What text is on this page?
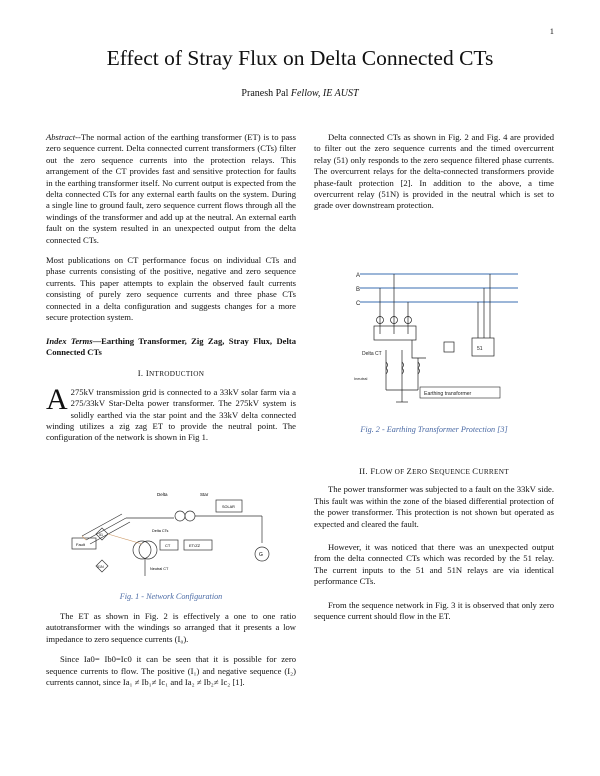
1
Effect of Stray Flux on Delta Connected CTs
Pranesh Pal Fellow, IE AUST

Abstract--The normal action of the earthing transformer (ET) is to pass zero sequence current. Delta connected current transformers (CTs) filter out the zero sequence currents into the protection relays. This arrangement of the CT provides fast and sensitive protection for faults in the earthing transformer itself. No current output is expected from the delta connected CTs for any external earth faults on the system. During a single line to ground fault, zero sequence current flows through all the windings of the transformer and add up at the neutral. An external earth fault on the system resulted in an unexpected output from the delta connected CTs.

Most publications on CT performance focus on individual CTs and phase currents consisting of the positive, negative and zero sequence currents. This paper attempts to explain the observed fault currents consisting of purely zero sequence currents and three phase CTs connected in a delta configuration and suggests changes for a more secure protection system.

Index Terms—Earthing Transformer, Zig Zag, Stray Flux, Delta Connected CTs

I. INTRODUCTION

A 275kV transmission grid is connected to a 33kV solar farm via a 275/33kV Star-Delta power transformer. The 275kV system is solidly earthed via the star point and the 33kV delta connected winding utilizes a zig zag ET to provide the neutral point. The configuration of the network is shown in Fig 1.

Delta	Star
SOLAR
Delta CTs
Neutral CT
Fault	CT	ET/ZZ
G
51
51N
Fig. 1 - Network Configuration

The ET as shown in Fig. 2 is effectively a one to one ratio autotransformer with the windings so arranged that it presents a low impedance to zero sequence currents (I₀).

Since Ia0= Ib0=Ic0 it can be seen that it is possible for zero sequence currents to flow. The positive (I₁) and negative sequence (I₂) currents cannot, since Ia₁ ≠ Ib₁≠ Ic₁ and Ia₂ ≠ Ib₂≠ Ic₂ [1].

Delta connected CTs as shown in Fig. 2 and Fig. 4 are provided to filter out the zero sequence currents and the timed overcurrent relay (51) only responds to the zero sequence filtered phase currents. The overcurrent relays for the delta-connected transformers provide phase-fault protection [2]. In addition to the above, a time overcurrent relay (51N) is provided in the neutral which is set to grade over downstream protection.

A
B
C
Delta CT
Ineutral
Earthing transformer
51
Fig. 2 - Earthing Transformer Protection [3]
II. FLOW OF ZERO SEQUENCE CURRENT

The power transformer was subjected to a fault on the 33kV side. This fault was within the zone of the biased differential protection of the power transformer. This protection is not shown but operated as expected and cleared the fault.

However, it was noticed that there was an unexpected output from the delta connected CTs which was recorded by the 51 relay. The current inputs to the 51 and 51N relays are via identical performance CTs.

From the sequence network in Fig. 3 it is observed that only zero sequence current should flow in the ET.
